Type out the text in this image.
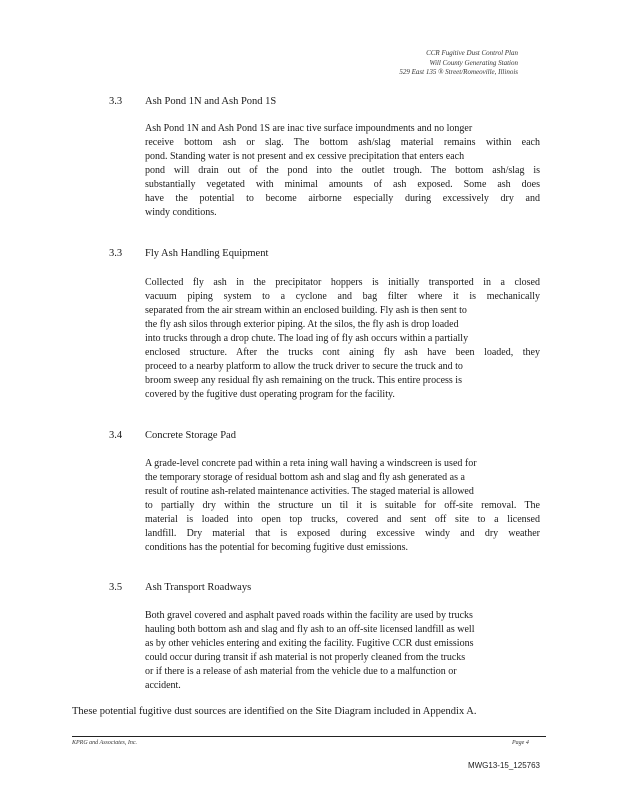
CCR Fugitive Dust Control Plan
Will County Generating Station
529 East 135 ® Street/Romeoville, Illinois
3.3 Ash Pond 1N and Ash Pond 1S
Ash Pond 1N and Ash Pond 1S are inac tive surface impoundments and no longer
receive bottom ash or slag. The bottom ash/slag material remains within each
pond. Standing water is not present and ex cessive precipitation that enters each
pond will drain out of the pond into the outlet trough. The bottom ash/slag is
substantially vegetated with minimal amounts of ash exposed. Some ash does
have the potential to become airborne especially during excessively dry and
windy conditions.
3.3 Fly Ash Handling Equipment
Collected fly ash in the precipitator hoppers is initially transported in a closed
vacuum piping system to a cyclone and bag filter where it is mechanically
separated from the air stream within an enclosed building. Fly ash is then sent to
the fly ash silos through exterior piping. At the silos, the fly ash is drop loaded
into trucks through a drop chute. The load ing of fly ash occurs within a partially
enclosed structure. After the trucks cont aining fly ash have been loaded, they
proceed to a nearby platform to allow the truck driver to secure the truck and to
broom sweep any residual fly ash remaining on the truck. This entire process is
covered by the fugitive dust operating program for the facility.
3.4 Concrete Storage Pad
A grade-level concrete pad within a reta ining wall having a windscreen is used for
the temporary storage of residual bottom ash and slag and fly ash generated as a
result of routine ash-related maintenance activities. The staged material is allowed
to partially dry within the structure un til it is suitable for off-site removal. The
material is loaded into open top trucks, covered and sent off site to a licensed
landfill. Dry material that is exposed during excessive windy and dry weather
conditions has the potential for becoming fugitive dust emissions.
3.5 Ash Transport Roadways
Both gravel covered and asphalt paved roads within the facility are used by trucks
hauling both bottom ash and slag and fly ash to an off-site licensed landfill as well
as by other vehicles entering and exiting the facility. Fugitive CCR dust emissions
could occur during transit if ash material is not properly cleaned from the trucks
or if there is a release of ash material from the vehicle due to a malfunction or
accident.
These potential fugitive dust sources are identified on the Site Diagram included in Appendix A.
KPRG and Associates, Inc.	Page 4
MWG13-15_125763
